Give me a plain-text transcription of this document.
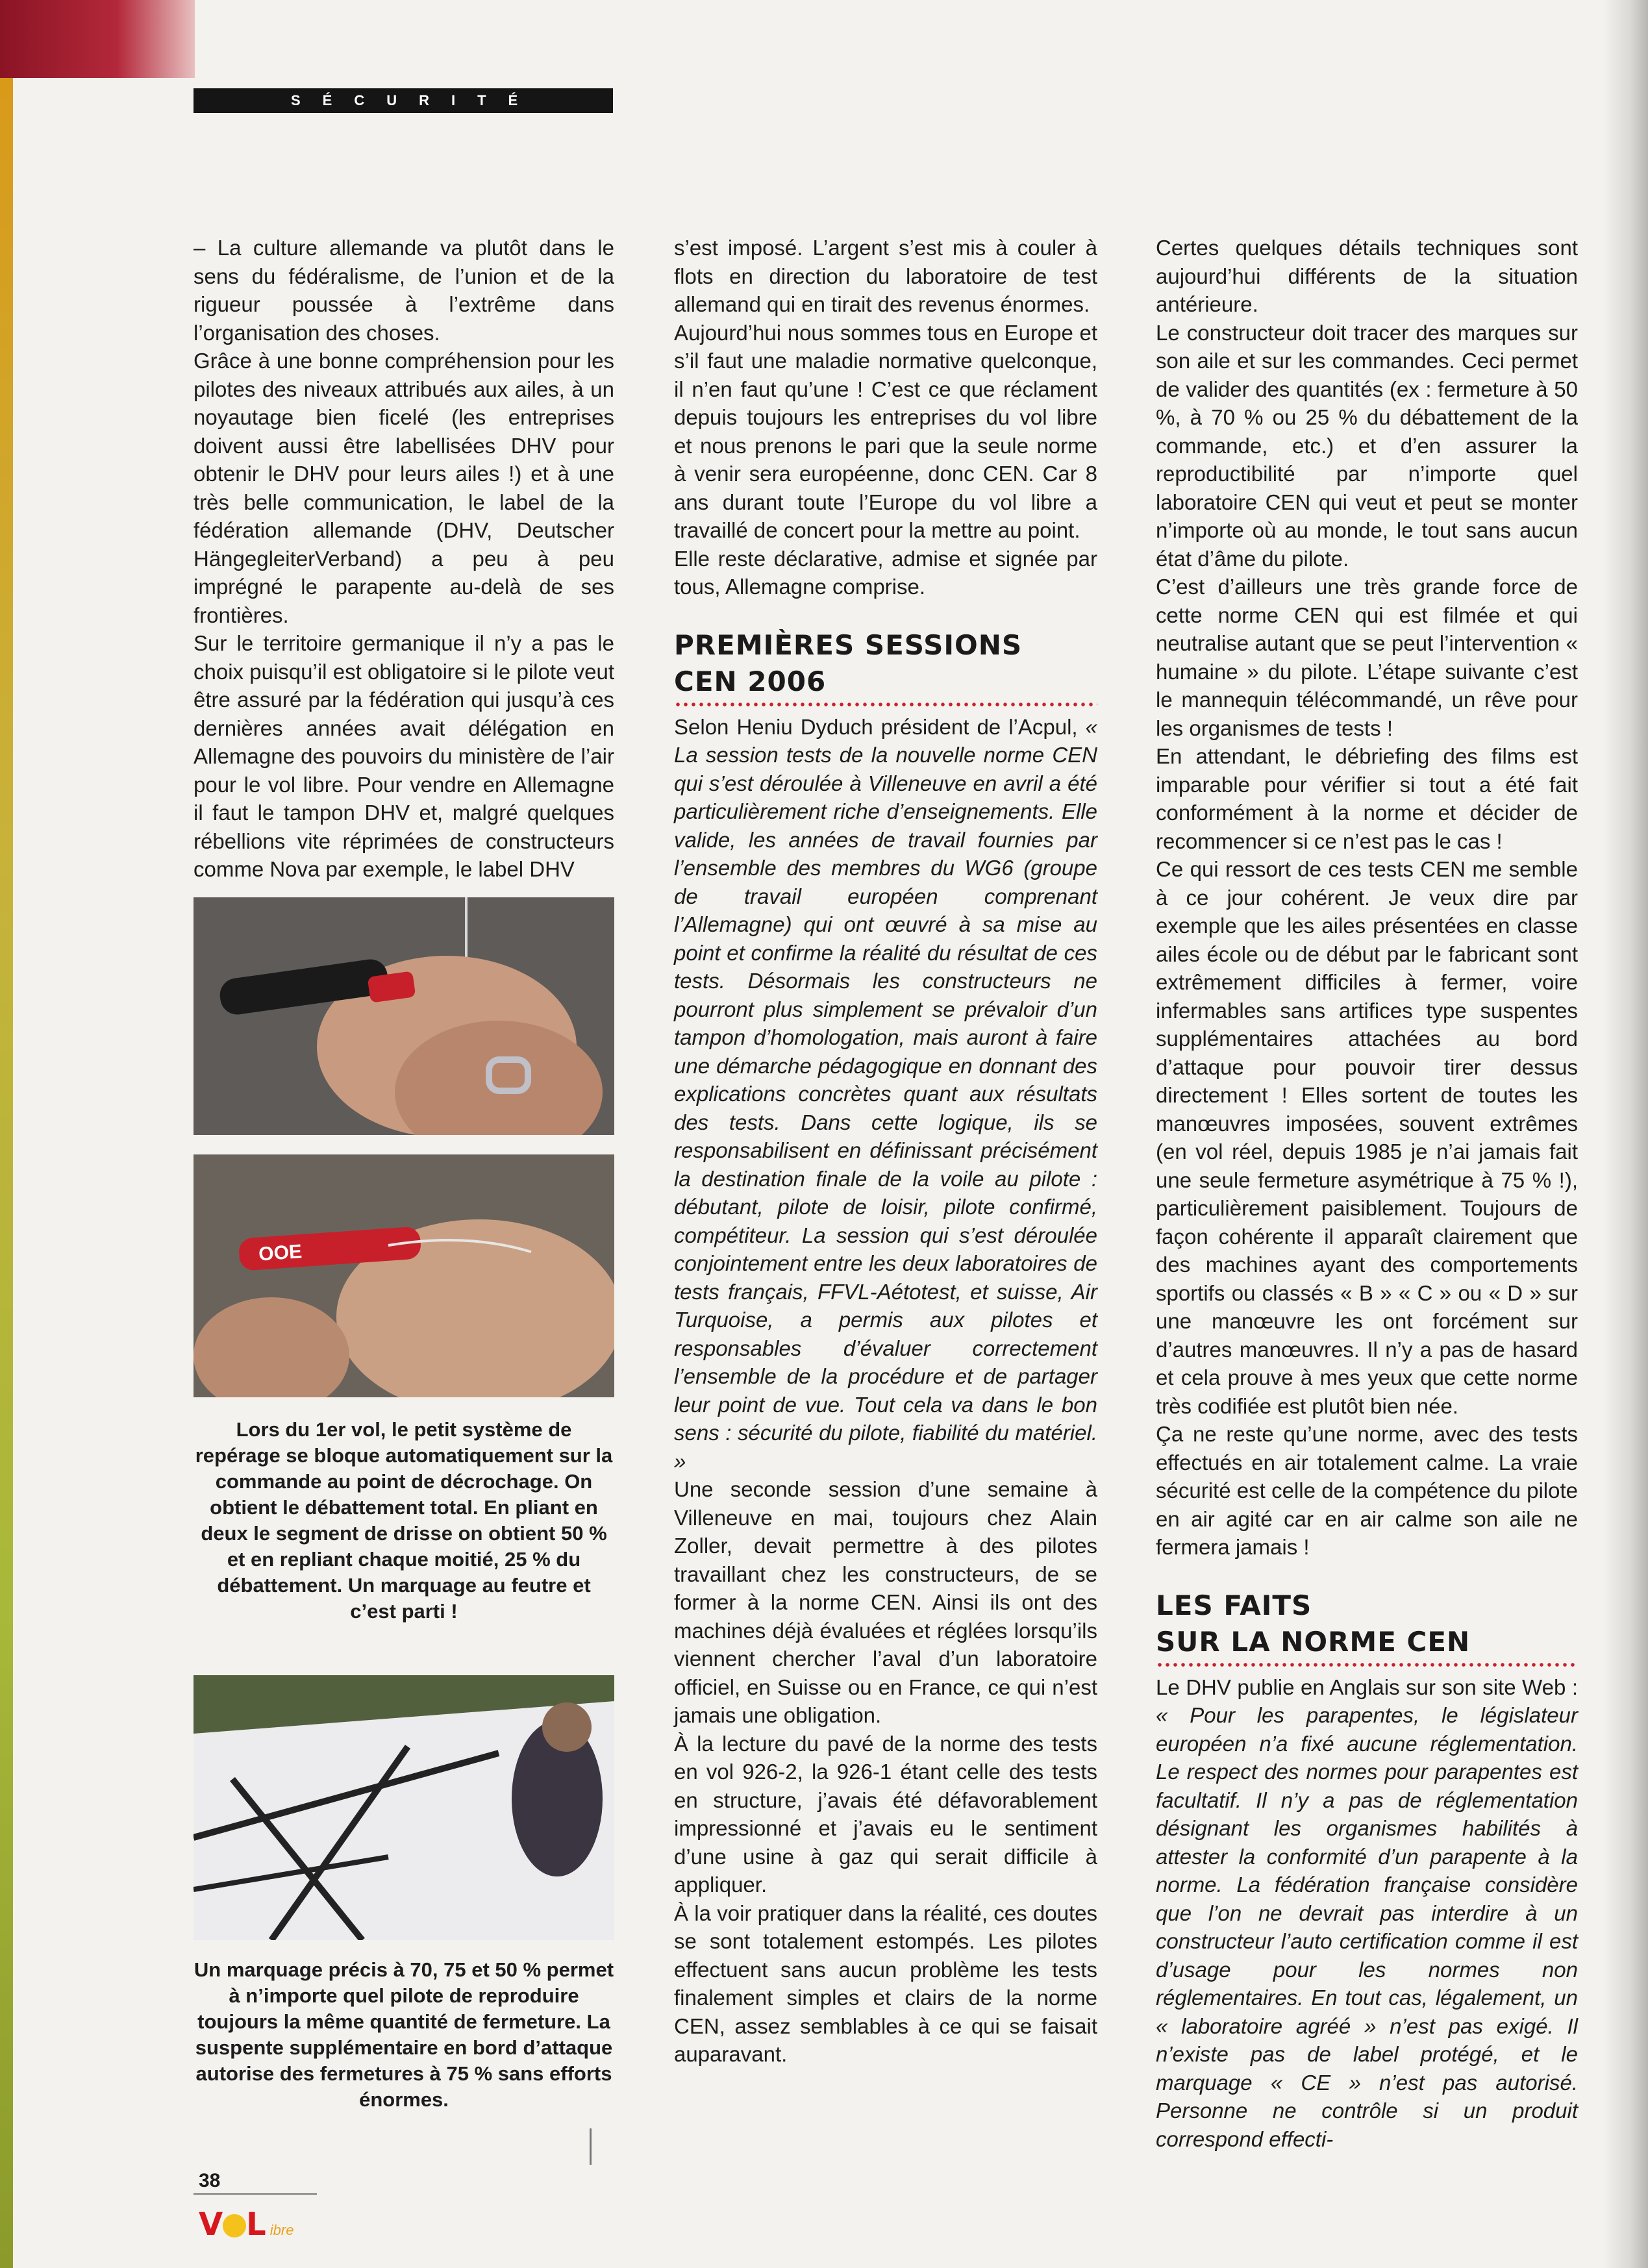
SÉCURITÉ

– La culture allemande va plutôt dans le sens du fédéralisme, de l’union et de la rigueur poussée à l’extrême dans l’organisation des choses.

Grâce à une bonne compréhension pour les pilotes des niveaux attribués aux ailes, à un noyautage bien ficelé (les entreprises doivent aussi être labellisées DHV pour obtenir le DHV pour leurs ailes !) et à une très belle communication, le label de la fédération allemande (DHV, Deutscher HängegleiterVerband) a peu à peu imprégné le parapente au-delà de ses frontières.

Sur le territoire germanique il n’y a pas le choix puisqu’il est obligatoire si le pilote veut être assuré par la fédération qui jusqu’à ces dernières années avait délégation en Allemagne des pouvoirs du ministère de l’air pour le vol libre. Pour vendre en Allemagne il faut le tampon DHV et, malgré quelques rébellions vite réprimées de constructeurs comme Nova par exemple, le label DHV

OOE
Lors du 1er vol, le petit système de repérage se bloque automatiquement sur la commande au point de décrochage. On obtient le débattement total. En pliant en deux le segment de drisse on obtient 50 % et en repliant chaque moitié, 25 % du débattement. Un marquage au feutre et c’est parti !
Un marquage précis à 70, 75 et 50 % permet à n’importe quel pilote de reproduire toujours la même quantité de fermeture. La suspente supplémentaire en bord d’attaque autorise des fermetures à 75 % sans efforts énormes.

s’est imposé. L’argent s’est mis à couler à flots en direction du laboratoire de test allemand qui en tirait des revenus énormes.

Aujourd’hui nous sommes tous en Europe et s’il faut une maladie normative quelconque, il n’en faut qu’une ! C’est ce que réclament depuis toujours les entreprises du vol libre et nous prenons le pari que la seule norme à venir sera européenne, donc CEN. Car 8 ans durant toute l’Europe du vol libre a travaillé de concert pour la mettre au point.

Elle reste déclarative, admise et signée par tous, Allemagne comprise.

PREMIÈRES SESSIONS
CEN 2006

Selon Heniu Dyduch président de l’Acpul, « La session tests de la nouvelle norme CEN qui s’est déroulée à Villeneuve en avril a été particulièrement riche d’enseignements. Elle valide, les années de travail fournies par l’ensemble des membres du WG6 (groupe de travail européen comprenant l’Allemagne) qui ont œuvré à sa mise au point et confirme la réalité du résultat de ces tests. Désormais les constructeurs ne pourront plus simplement se prévaloir d’un tampon d’homologation, mais auront à faire une démarche pédagogique en donnant des explications concrètes quant aux résultats des tests. Dans cette logique, ils se responsabilisent en définissant précisément la destination finale de la voile au pilote : débutant, pilote de loisir, pilote confirmé, compétiteur. La session qui s’est déroulée conjointement entre les deux laboratoires de tests français, FFVL-Aétotest, et suisse, Air Turquoise, a permis aux pilotes et responsables d’évaluer correctement l’ensemble de la procédure et de partager leur point de vue. Tout cela va dans le bon sens : sécurité du pilote, fiabilité du matériel. »

Une seconde session d’une semaine à Villeneuve en mai, toujours chez Alain Zoller, devait permettre à des pilotes travaillant chez les constructeurs, de se former à la norme CEN. Ainsi ils ont des machines déjà évaluées et réglées lorsqu’ils viennent chercher l’aval d’un laboratoire officiel, en Suisse ou en France, ce qui n’est jamais une obligation.

À la lecture du pavé de la norme des tests en vol 926-2, la 926-1 étant celle des tests en structure, j’avais été défavorablement impressionné et j’avais eu le sentiment d’une usine à gaz qui serait difficile à appliquer.

À la voir pratiquer dans la réalité, ces doutes se sont totalement estompés. Les pilotes effectuent sans aucun problème les tests finalement simples et clairs de la norme CEN, assez semblables à ce qui se faisait auparavant.

Certes quelques détails techniques sont aujourd’hui différents de la situation antérieure.

Le constructeur doit tracer des marques sur son aile et sur les commandes. Ceci permet de valider des quantités (ex : fermeture à 50 %, à 70 % ou 25 % du débattement de la commande, etc.) et d’en assurer la reproductibilité par n’importe quel laboratoire CEN qui veut et peut se monter n’importe où au monde, le tout sans aucun état d’âme du pilote.

C’est d’ailleurs une très grande force de cette norme CEN qui est filmée et qui neutralise autant que se peut l’intervention « humaine » du pilote. L’étape suivante c’est le mannequin télécommandé, un rêve pour les organismes de tests !

En attendant, le débriefing des films est imparable pour vérifier si tout a été fait conformément à la norme et décider de recommencer si ce n’est pas le cas !

Ce qui ressort de ces tests CEN me semble à ce jour cohérent. Je veux dire par exemple que les ailes présentées en classe ailes école ou de début par le fabricant sont extrêmement difficiles à fermer, voire infermables sans artifices type suspentes supplémentaires attachées au bord d’attaque pour pouvoir tirer dessus directement ! Elles sortent de toutes les manœuvres imposées, souvent extrêmes (en vol réel, depuis 1985 je n’ai jamais fait une seule fermeture asymétrique à 75 % !), particulièrement paisiblement. Toujours de façon cohérente il apparaît clairement que des machines ayant des comportements sportifs ou classés « B » « C » ou « D » sur une manœuvre les ont forcément sur d’autres manœuvres. Il n’y a pas de hasard et cela prouve à mes yeux que cette norme très codifiée est plutôt bien née.

Ça ne reste qu’une norme, avec des tests effectués en air totalement calme. La vraie sécurité est celle de la compétence du pilote en air agité car en air calme son aile ne fermera jamais !

LES FAITS
SUR LA NORME CEN

Le DHV publie en Anglais sur son site Web : « Pour les parapentes, le législateur européen n’a fixé aucune réglementation. Le respect des normes pour parapentes est facultatif. Il n’y a pas de réglementation désignant les organismes habilités à attester la conformité d’un parapente à la norme. La fédération française considère que l’on ne devrait pas interdire à un constructeur l’auto certification comme il est d’usage pour les normes non réglementaires. En tout cas, légalement, un « laboratoire agréé » n’est pas exigé. Il n’existe pas de label protégé, et le marquage « CE » n’est pas autorisé. Personne ne contrôle si un produit correspond effecti-

38
V L ibre
